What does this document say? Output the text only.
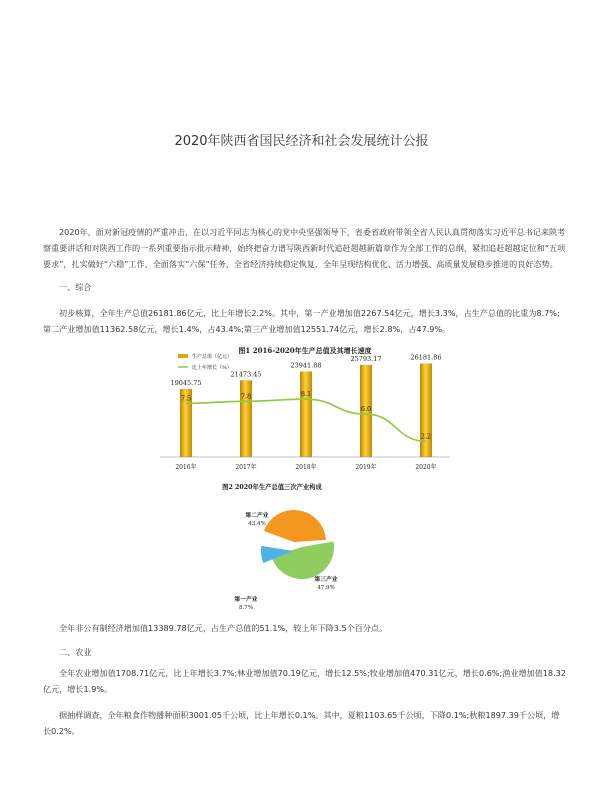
2020年陕西省国民经济和社会发展统计公报

2020年，面对新冠疫情的严重冲击，在以习近平同志为核心的党中央坚强领导下，省委省政府带领全省人民认真贯彻落实习近平总书记来陕考察重要讲话和对陕西工作的一系列重要指示批示精神，始终把奋力谱写陕西新时代追赶超越新篇章作为全部工作的总纲，紧扣追赶超越定位和“五项要求”，扎实做好“六稳”工作、全面落实“六保”任务，全省经济持续稳定恢复，全年呈现结构优化、活力增强、高质量发展稳步推进的良好态势。

一、综合

初步核算，全年生产总值26181.86亿元，比上年增长2.2%。其中，第一产业增加值2267.54亿元，增长3.3%，占生产总值的比重为8.7%;第二产业增加值11362.58亿元，增长1.4%，占43.4%;第三产业增加值12551.74亿元，增长2.8%，占47.9%。

图1 2016-2020年生产总值及其增长速度
生产总值（亿元）
比上年增长（%）
19045.75
2016年
21473.45
2017年
23941.88
2018年
25793.17
2019年
26181.86
2020年
7.5	7.8	8.1
6.0
2.2
图2 2020年生产总值三次产业构成
第二产业
43.4%
第三产业
47.9%
第一产业
8.7%

全年非公有制经济增加值13389.78亿元，占生产总值的51.1%，较上年下降3.5个百分点。

二、农业

全年农业增加值1708.71亿元，比上年增长3.7%;林业增加值70.19亿元，增长12.5%;牧业增加值470.31亿元，增长0.6%;渔业增加值18.32亿元，增长1.9%。

据抽样调查，全年粮食作物播种面积3001.05千公顷，比上年增长0.1%。其中，夏粮1103.65千公顷，下降0.1%;秋粮1897.39千公顷，增长0.2%。
